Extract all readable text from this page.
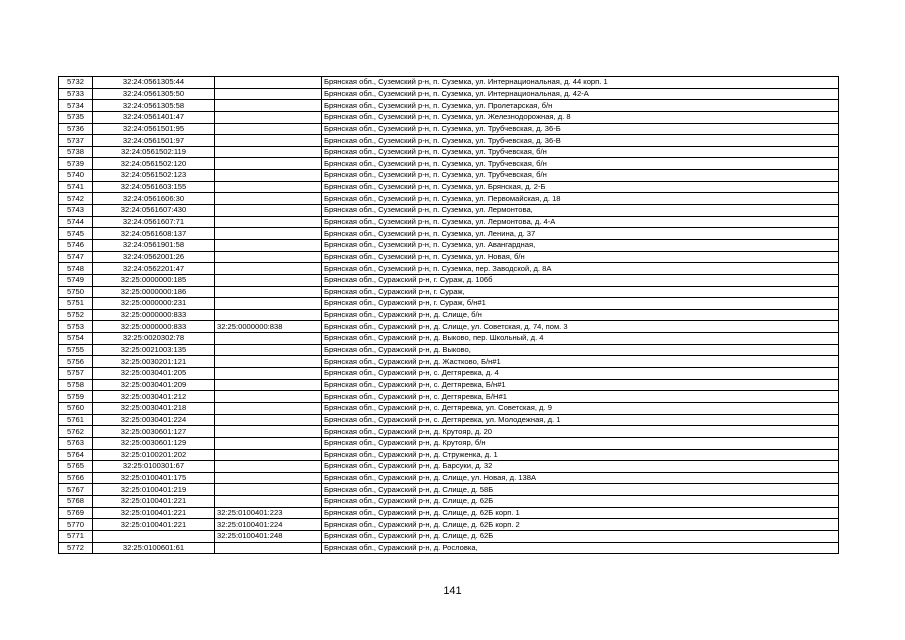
5732	32:24:0561305:44		Брянская обл., Суземский р-н, п. Суземка, ул. Интернациональная, д. 44 корп. 1
5733	32:24:0561305:50		Брянская обл., Суземский р-н, п. Суземка, ул. Интернациональная, д. 42-А
5734	32:24:0561305:58		Брянская обл., Суземский р-н, п. Суземка, ул. Пролетарская, б/н
5735	32:24:0561401:47		Брянская обл., Суземский р-н, п. Суземка, ул. Железнодорожная, д. 8
5736	32:24:0561501:95		Брянская обл., Суземский р-н, п. Суземка, ул. Трубчевская, д. 36-Б
5737	32:24:0561501:97		Брянская обл., Суземский р-н, п. Суземка, ул. Трубчевская, д. 36-В
5738	32:24:0561502:119		Брянская обл., Суземский р-н, п. Суземка, ул. Трубчевская, б/н
5739	32:24:0561502:120		Брянская обл., Суземский р-н, п. Суземка, ул. Трубчевская, б/н
5740	32:24:0561502:123		Брянская обл., Суземский р-н, п. Суземка, ул. Трубчевская, б/н
5741	32:24:0561603:155		Брянская обл., Суземский р-н, п. Суземка, ул. Брянская, д. 2-Б
5742	32:24:0561606:30		Брянская обл., Суземский р-н, п. Суземка, ул. Первомайская, д. 18
5743	32:24:0561607:430		Брянская обл., Суземский р-н, п. Суземка, ул. Лермонтова,
5744	32:24:0561607:71		Брянская обл., Суземский р-н, п. Суземка, ул. Лермонтова, д. 4-А
5745	32:24:0561608:137		Брянская обл., Суземский р-н, п. Суземка, ул. Ленина, д. 37
5746	32:24:0561901:58		Брянская обл., Суземский р-н, п. Суземка, ул. Авангардная,
5747	32:24:0562001:26		Брянская обл., Суземский р-н, п. Суземка, ул. Новая, б/н
5748	32:24:0562201:47		Брянская обл., Суземский р-н, п. Суземка, пер. Заводской, д. 8А
5749	32:25:0000000:185		Брянская обл., Суражский р-н, г. Сураж, д. 106б
5750	32:25:0000000:186		Брянская обл., Суражский р-н, г. Сураж,
5751	32:25:0000000:231		Брянская обл., Суражский р-н, г. Сураж, б/н#1
5752	32:25:0000000:833		Брянская обл., Суражский р-н, д. Слище, б/н
5753	32:25:0000000:833	32:25:0000000:838	Брянская обл., Суражский р-н, д. Слище, ул. Советская, д. 74, пом. 3
5754	32:25:0020302:78		Брянская обл., Суражский р-н, д. Выково, пер. Школьный, д. 4
5755	32:25:0021003:135		Брянская обл., Суражский р-н, д. Выково,
5756	32:25:0030201:121		Брянская обл., Суражский р-н, д. Жастково, Б/н#1
5757	32:25:0030401:205		Брянская обл., Суражский р-н, с. Дегтяревка, д. 4
5758	32:25:0030401:209		Брянская обл., Суражский р-н, с. Дегтяревка, Б/н#1
5759	32:25:0030401:212		Брянская обл., Суражский р-н, с. Дегтяревка, Б/Н#1
5760	32:25:0030401:218		Брянская обл., Суражский р-н, с. Дегтяревка, ул. Советская, д. 9
5761	32:25:0030401:224		Брянская обл., Суражский р-н, с. Дегтяревка, ул. Молодежная, д. 1
5762	32:25:0030601:127		Брянская обл., Суражский р-н, д. Крутояр, д. 20
5763	32:25:0030601:129		Брянская обл., Суражский р-н, д. Крутояр, б/н
5764	32:25:0100201:202		Брянская обл., Суражский р-н, д. Струженка, д. 1
5765	32:25:0100301:67		Брянская обл., Суражский р-н, д. Барсуки, д. 32
5766	32:25:0100401:175		Брянская обл., Суражский р-н, д. Слище, ул. Новая, д. 138А
5767	32:25:0100401:219		Брянская обл., Суражский р-н, д. Слище, д. 58Б
5768	32:25:0100401:221		Брянская обл., Суражский р-н, д. Слище, д. 62Б
5769	32:25:0100401:221	32:25:0100401:223	Брянская обл., Суражский р-н, д. Слище, д. 62Б корп. 1
5770	32:25:0100401:221	32:25:0100401:224	Брянская обл., Суражский р-н, д. Слище, д. 62Б корп. 2
5771		32:25:0100401:248	Брянская обл., Суражский р-н, д. Слище, д. 62Б
5772	32:25:0100601:61		Брянская обл., Суражский р-н, д. Рословка,
141
